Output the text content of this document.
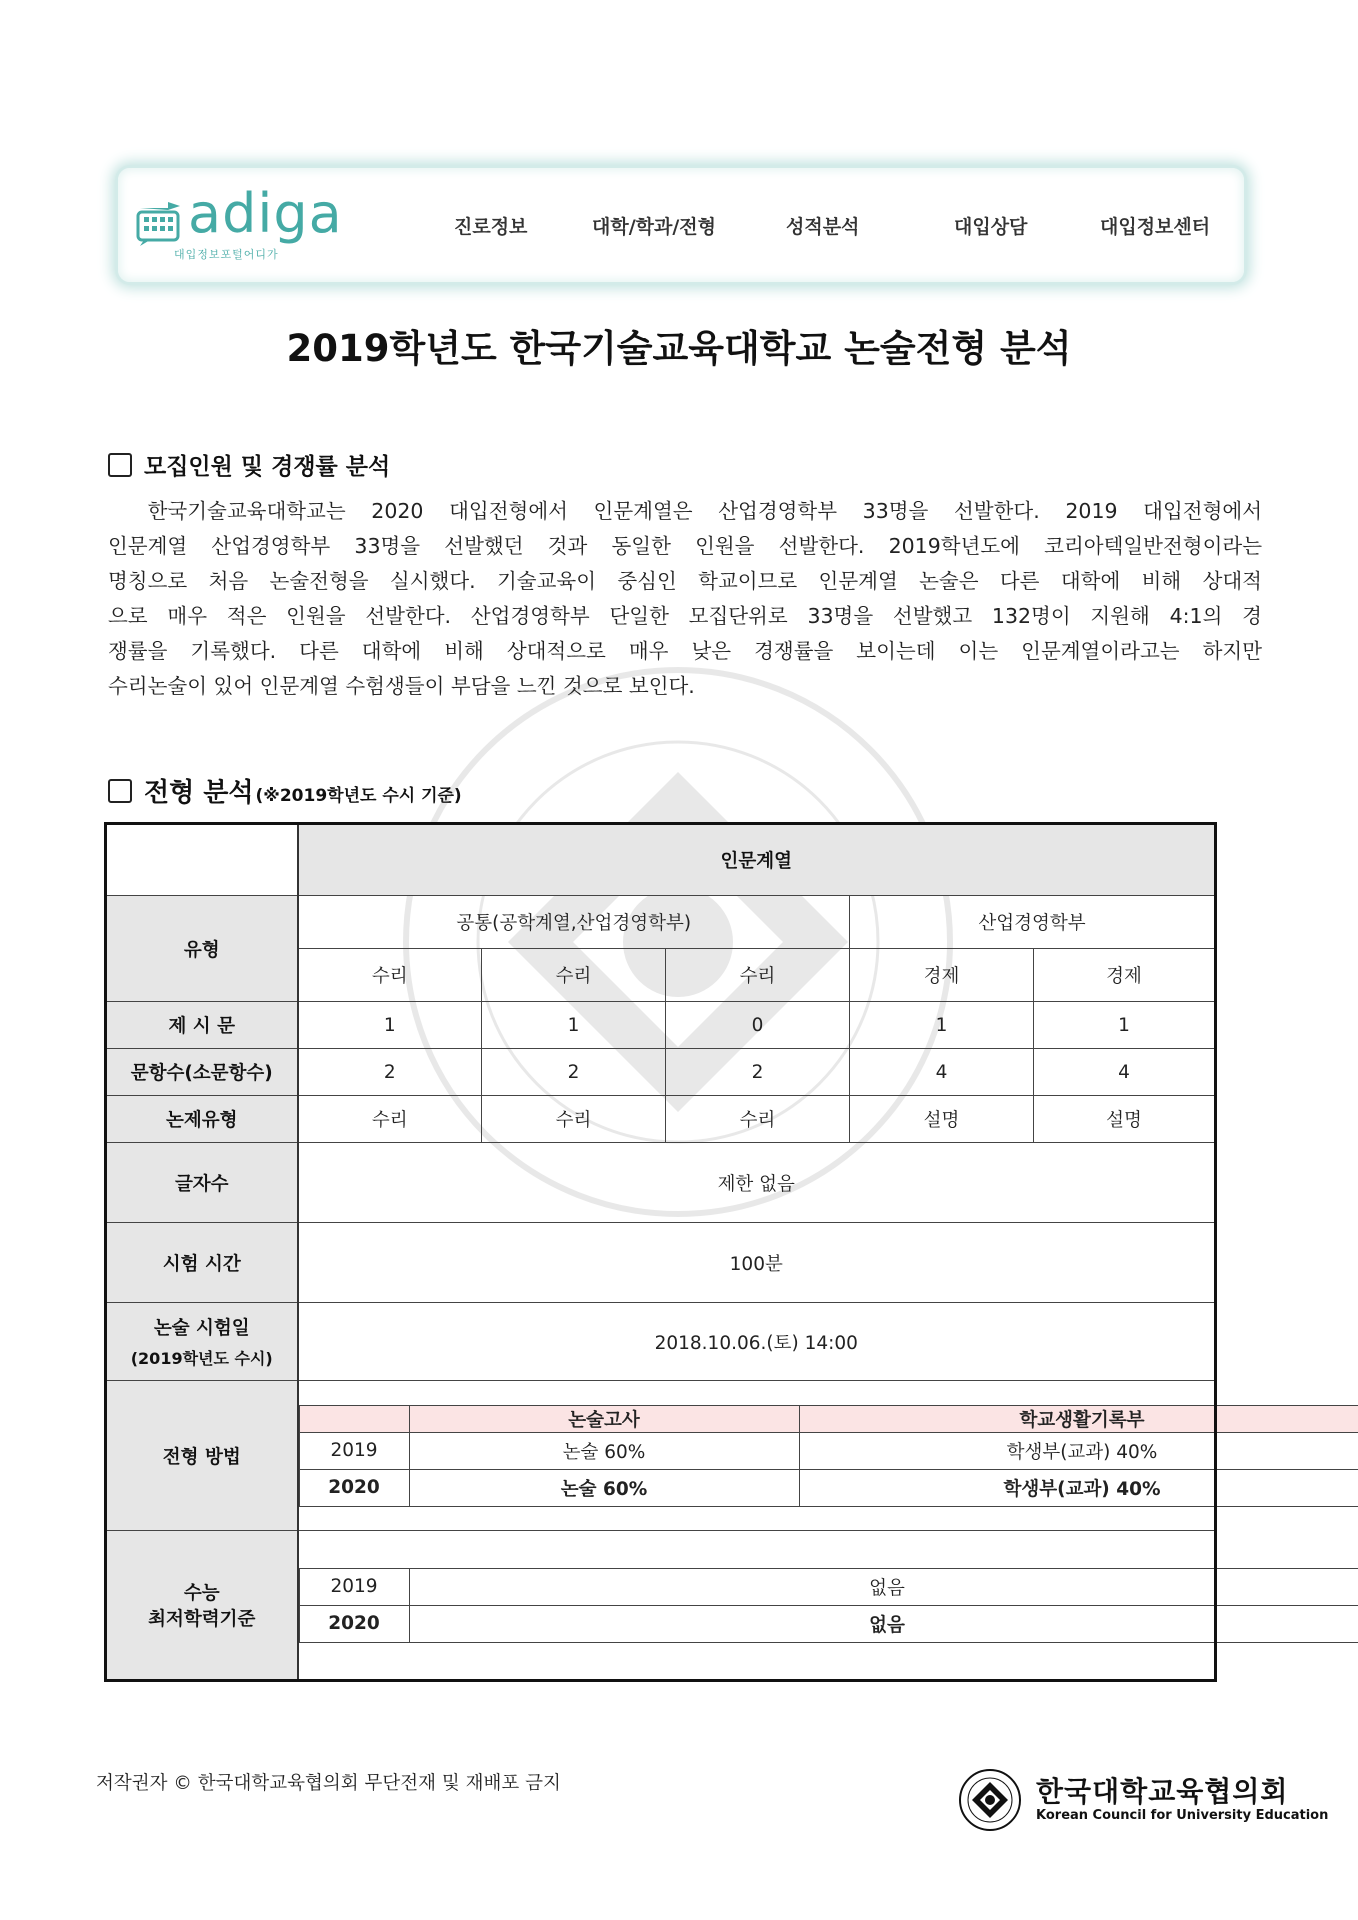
adiga
대입정보포털어디가
진로정보	대학/학과/전형	성적분석	대입상담	대입정보센터
2019학년도 한국기술교육대학교 논술전형 분석
모집인원 및 경쟁률 분석
　한국기술교육대학교는 2020 대입전형에서 인문계열은 산업경영학부 33명을 선발한다. 2019 대입전형에서
인문계열 산업경영학부 33명을 선발했던 것과 동일한 인원을 선발한다. 2019학년도에 코리아텍일반전형이라는
명칭으로 처음 논술전형을 실시했다. 기술교육이 중심인 학교이므로 인문계열 논술은 다른 대학에 비해 상대적
으로 매우 적은 인원을 선발한다. 산업경영학부 단일한 모집단위로 33명을 선발했고 132명이 지원해 4:1의 경
쟁률을 기록했다. 다른 대학에 비해 상대적으로 매우 낮은 경쟁률을 보이는데 이는 인문계열이라고는 하지만
수리논술이 있어 인문계열 수험생들이 부담을 느낀 것으로 보인다.
전형 분석 (※2019학년도 수시 기준)
	인문계열
유형	공통(공학계열,산업경영학부)	산업경영학부
수리	수리	수리	경제	경제
제 시 문	1	1	0	1	1
문항수(소문항수)	2	2	2	4	4
논제유형	수리	수리	수리	설명	설명
글자수	제한 없음
시험 시간	100분
논술 시험일
(2019학년도 수시)
	2018.10.06.(토) 14:00
전형 방법	
	논술고사	학교생활기록부
2019	논술 60%	학생부(교과) 40%
2020	논술 60%	학생부(교과) 40%

수능
최저학력기준	
2019	없음
2020	없음
저작권자 © 한국대학교육협의회 무단전재 및 재배포 금지	한국대학교육협의회
Korean Council for University Education
